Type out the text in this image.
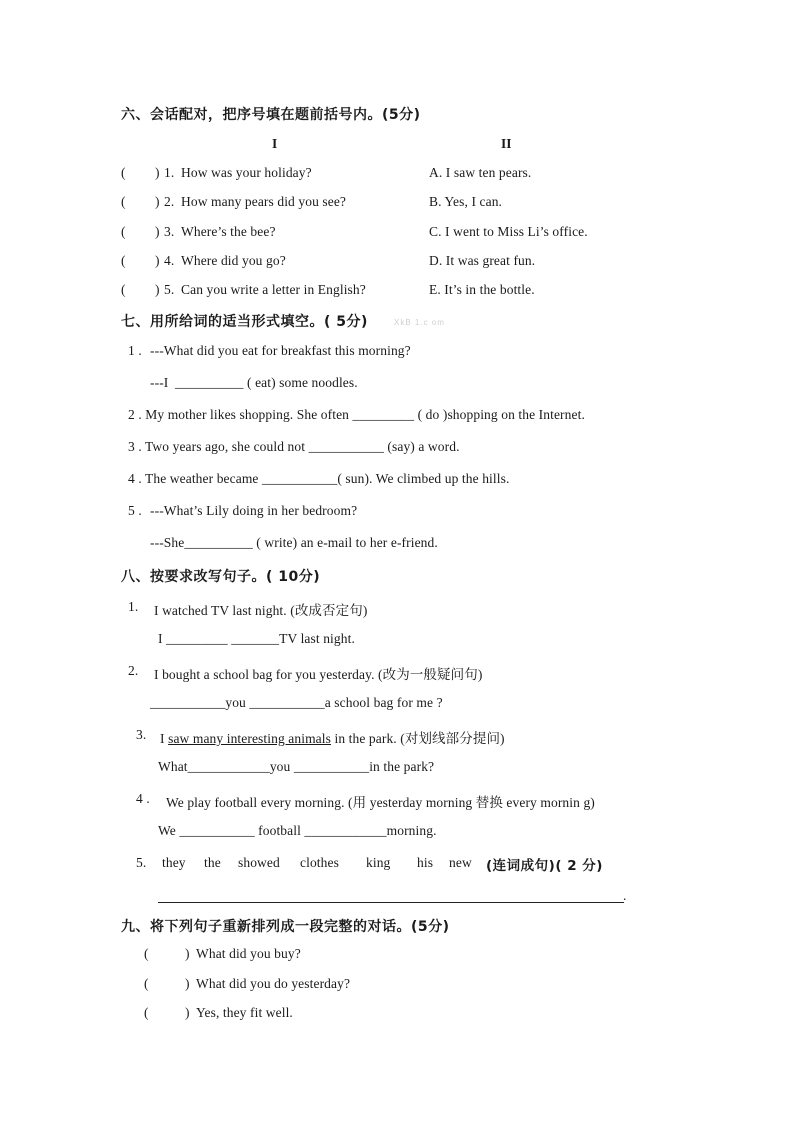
六、会话配对，把序号填在题前括号内。(5分)
I	II
( ) 1. How was your holiday?	A. I saw ten pears.
( ) 2. How many pears did you see?	B. Yes, I can.
( ) 3. Where’s the bee?	C. I went to Miss Li’s office.
( ) 4. Where did you go?	D. It was great fun.
( ) 5. Can you write a letter in English?	E. It’s in the bottle.
七、用所给词的适当形式填空。( 5分)	XkB 1.c om
1 . ---What did you eat for breakfast this morning?
---I __________ ( eat) some noodles.
2 . My mother likes shopping. She often _________ ( do )shopping on the Internet.
3 . Two years ago, she could not ___________ (say) a word.
4 . The weather became ___________( sun). We climbed up the hills.
5 . ---What’s Lily doing in her bedroom?
---She__________ ( write) an e-mail to her e-friend.
八、按要求改写句子。( 10分)
1. I watched TV last night. (改成否定句)
I _________ _______TV last night.
2. I bought a school bag for you yesterday. (改为一般疑问句)
___________you ___________a school bag for me ?
3. I saw many interesting animals in the park. (对划线部分提问)
What____________you ___________in the park?
4 . We play football every morning. (用 yesterday morning 替换 every mornin g)
We ___________ football ____________morning.
5. they the showed clothes king his new (连词成句)( 2 分)
.
九、将下列句子重新排列成一段完整的对话。(5分)
(	) What did you buy?
(	) What did you do yesterday?
(	) Yes, they fit well.
